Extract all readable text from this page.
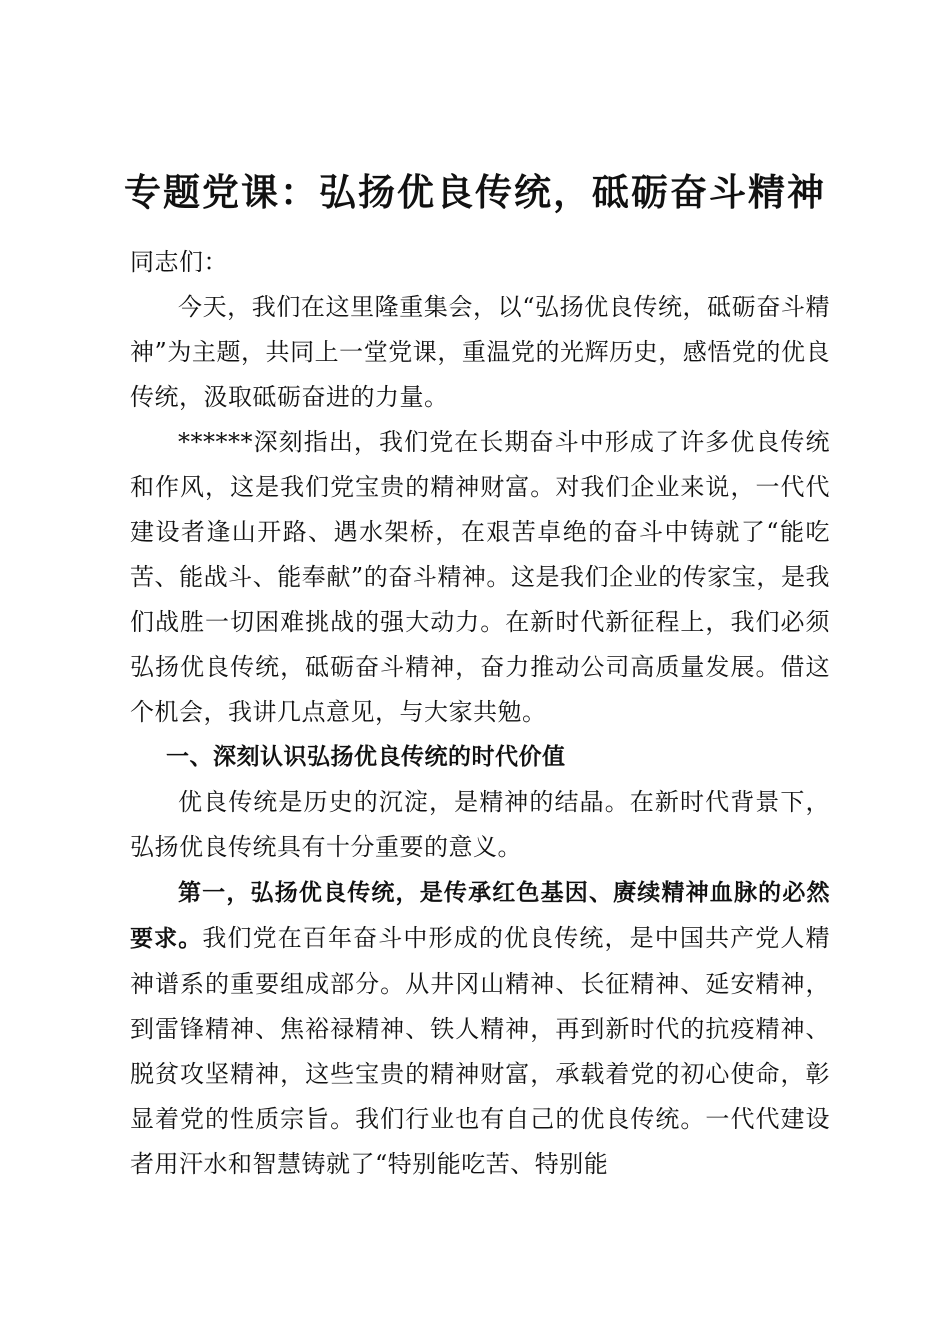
专题党课：弘扬优良传统，砥砺奋斗精神

同志们：

今天，我们在这里隆重集会，以“弘扬优良传统，砥砺奋斗精神”为主题，共同上一堂党课，重温党的光辉历史，感悟党的优良传统，汲取砥砺奋进的力量。

******深刻指出，我们党在长期奋斗中形成了许多优良传统和作风，这是我们党宝贵的精神财富。对我们企业来说，一代代建设者逢山开路、遇水架桥，在艰苦卓绝的奋斗中铸就了“能吃苦、能战斗、能奉献”的奋斗精神。这是我们企业的传家宝，是我们战胜一切困难挑战的强大动力。在新时代新征程上，我们必须弘扬优良传统，砥砺奋斗精神，奋力推动公司高质量发展。借这个机会，我讲几点意见，与大家共勉。

一、深刻认识弘扬优良传统的时代价值

优良传统是历史的沉淀，是精神的结晶。在新时代背景下，弘扬优良传统具有十分重要的意义。

第一，弘扬优良传统，是传承红色基因、赓续精神血脉的必然要求。我们党在百年奋斗中形成的优良传统，是中国共产党人精神谱系的重要组成部分。从井冈山精神、长征精神、延安精神，到雷锋精神、焦裕禄精神、铁人精神，再到新时代的抗疫精神、脱贫攻坚精神，这些宝贵的精神财富，承载着党的初心使命，彰显着党的性质宗旨。我们行业也有自己的优良传统。一代代建设者用汗水和智慧铸就了“特别能吃苦、特别能
